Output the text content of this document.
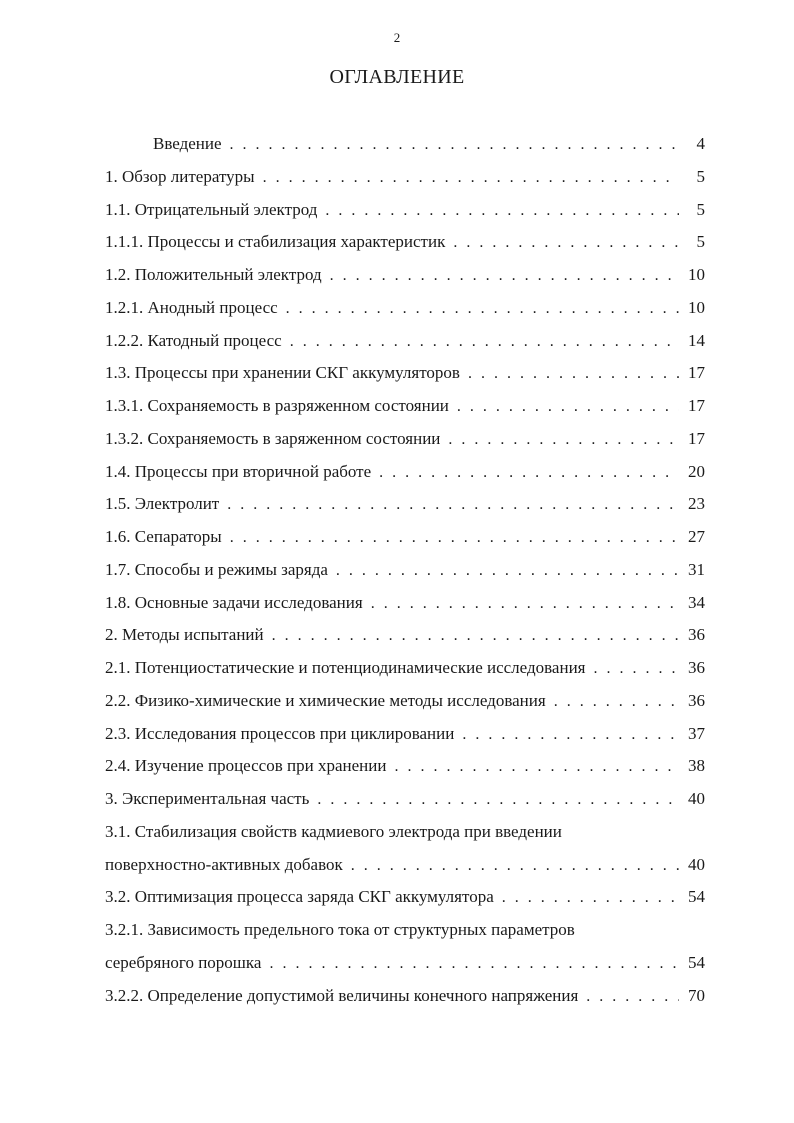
2
ОГЛАВЛЕНИЕ
Введение . . .	4
1. Обзор литературы . . .	5
1.1. Отрицательный электрод . . .	5
1.1.1. Процессы и стабилизация характеристик . . .	5
1.2. Положительный электрод . . .	10
1.2.1. Анодный процесс . . .	10
1.2.2. Катодный процесс . . .	14
1.3. Процессы при хранении СКГ аккумуляторов . . .	17
1.3.1. Сохраняемость в разряженном состоянии . . .	17
1.3.2. Сохраняемость в заряженном состоянии . . .	17
1.4. Процессы при вторичной работе . . .	20
1.5. Электролит . . .	23
1.6. Сепараторы . . .	27
1.7. Способы и режимы заряда . . .	31
1.8. Основные задачи исследования . . .	34
2. Методы испытаний . . .	36
2.1. Потенциостатические и потенциодинамические исследования . . .	36
2.2. Физико-химические и химические методы исследования . . .	36
2.3. Исследования процессов при циклировании . . .	37
2.4. Изучение процессов при хранении . . .	38
3. Экспериментальная часть . . .	40
3.1. Стабилизация свойств кадмиевого электрода при введении
поверхностно-активных добавок . . .	40
3.2. Оптимизация процесса заряда СКГ аккумулятора . . .	54
3.2.1. Зависимость предельного тока от структурных параметров
серебряного порошка . . .	54
3.2.2. Определение допустимой величины конечного напряжения . . .	70
